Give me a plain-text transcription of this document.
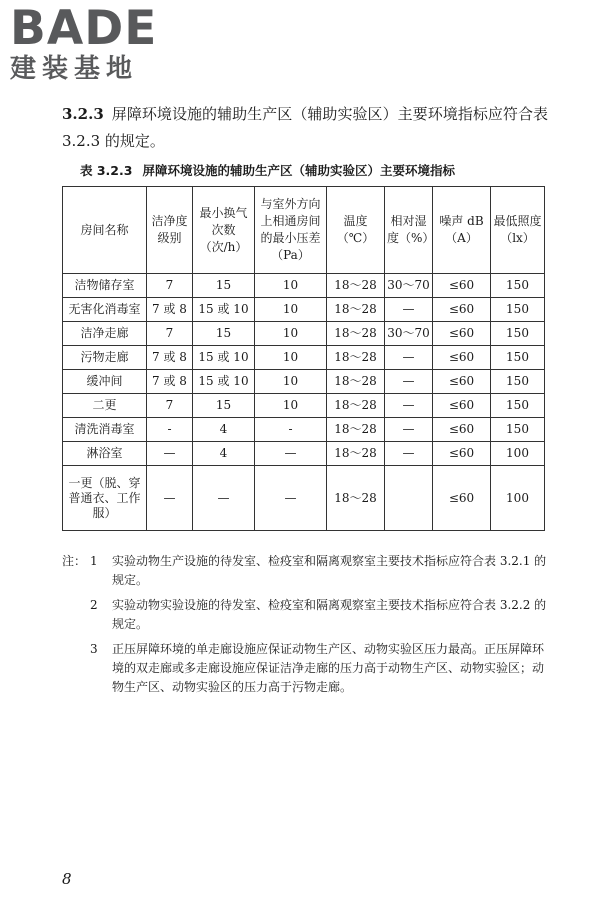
BADE
建装基地
3.2.3 屏障环境设施的辅助生产区（辅助实验区）主要环境指标应符合表 3.2.3 的规定。
表 3.2.3 屏障环境设施的辅助生产区（辅助实验区）主要环境指标
房间名称	洁净度级别	最小换气次数（次/h）	与室外方向上相通房间的最小压差（Pa）	温度（℃）	相对湿度（%）	噪声 dB（A）	最低照度（lx）
洁物储存室	7	15	10	18～28	30～70	≤60	150
无害化消毒室	7 或 8	15 或 10	10	18～28	—	≤60	150
洁净走廊	7	15	10	18～28	30～70	≤60	150
污物走廊	7 或 8	15 或 10	10	18～28	—	≤60	150
缓冲间	7 或 8	15 或 10	10	18～28	—	≤60	150
二更	7	15	10	18～28	—	≤60	150
清洗消毒室	-	4	-	18～28	—	≤60	150
淋浴室	—	4	—	18～28	—	≤60	100
一更（脱、穿普通衣、工作服）	—	—	—	18～28		≤60	100
注： 1	实验动物生产设施的待发室、检疫室和隔离观察室主要技术指标应符合表 3.2.1 的规定。
2	实验动物实验设施的待发室、检疫室和隔离观察室主要技术指标应符合表 3.2.2 的规定。
3	正压屏障环境的单走廊设施应保证动物生产区、动物实验区压力最高。正压屏障环境的双走廊或多走廊设施应保证洁净走廊的压力高于动物生产区、动物实验区；动物生产区、动物实验区的压力高于污物走廊。
8
